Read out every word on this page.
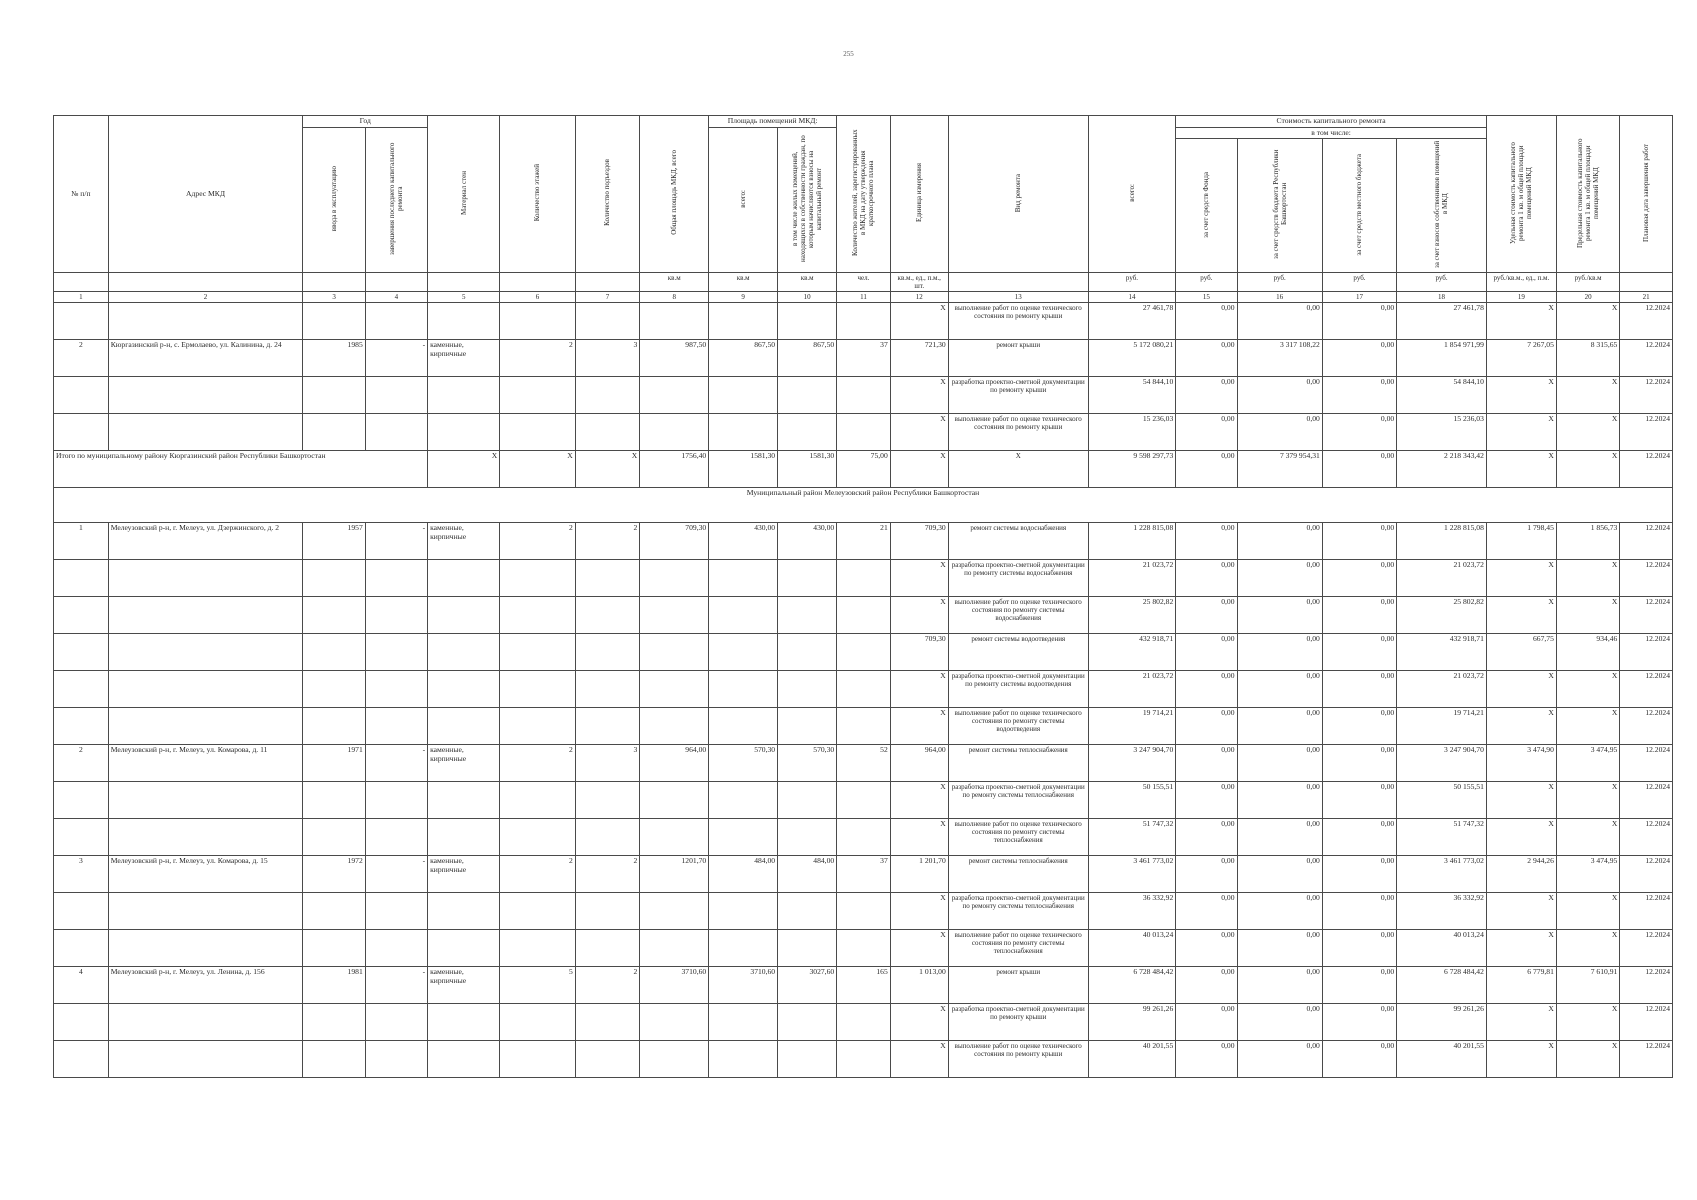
255
№ п/п	Адрес МКД	Год		Материал стен	Количество этажей	Количество подъездов	Общая площадь МКД, всего	Площадь помещений МКД:		Количество жителей, зарегистрированных в МКД на дату утверждения краткосрочного плана	Единица измерения	Вид ремонта	всего:	Стоимость капитального ремонта				Удельная стоимость капитального ремонта 1 кв. м общей площади помещений МКД	Предельная стоимость капитального ремонта 1 кв. м общей площади помещений МКД	Плановая дата завершения работ
		ввода в эксплуатацию	завершения последнего капитального ремонта					всего:	в том числе жилых помещений, находящихся в собственности граждан, по которым начисляются взносы на капитальный ремонт					в том числе:						
														за счет средств Фонда	за счет средств бюджета Республики Башкортостан	за счет средств местного бюджета	за счет взносов собственников помещений в МКД			
							кв.м	кв.м	кв.м	чел.	кв.м., ед., п.м., шт.		руб.	руб.	руб.	руб.	руб.	руб./кв.м., ед., п.м.	руб./кв.м	
1	2	3	4	5	6	7	8	9	10	11	12	13	14	15	16	17	18	19	20	21
											X	выполнение работ по оценке технического состояния по ремонту крыши	27 461,78	0,00	0,00	0,00	27 461,78	X	X	12.2024
2	Кюргазинский р-н, с. Ермолаево, ул. Калинина, д. 24	1985	-	каменные, кирпичные	2	3	987,50	867,50	867,50	37	721,30	ремонт крыши	5 172 080,21	0,00	3 317 108,22	0,00	1 854 971,99	7 267,05	8 315,65	12.2024
											X	разработка проектно-сметной документации по ремонту крыши	54 844,10	0,00	0,00	0,00	54 844,10	X	X	12.2024
											X	выполнение работ по оценке технического состояния по ремонту крыши	15 236,03	0,00	0,00	0,00	15 236,03	X	X	12.2024
Итого по муниципальному району Кюргазинский район Республики Башкортостан				X	X	X	1756,40	1581,30	1581,30	75,00	X	X	9 598 297,73	0,00	7 379 954,31	0,00	2 218 343,42	X	X	12.2024
Муниципальный район Мелеузовский район Республики Башкортостан																				
1	Мелеузовский р-н, г. Мелеуз, ул. Дзержинского, д. 2	1957	-	каменные, кирпичные	2	2	709,30	430,00	430,00	21	709,30	ремонт системы водоснабжения	1 228 815,08	0,00	0,00	0,00	1 228 815,08	1 798,45	1 856,73	12.2024
											X	разработка проектно-сметной документации по ремонту системы водоснабжения	21 023,72	0,00	0,00	0,00	21 023,72	X	X	12.2024
											X	выполнение работ по оценке технического состояния по ремонту системы водоснабжения	25 802,82	0,00	0,00	0,00	25 802,82	X	X	12.2024
											709,30	ремонт системы водоотведения	432 918,71	0,00	0,00	0,00	432 918,71	667,75	934,46	12.2024
											X	разработка проектно-сметной документации по ремонту системы водоотведения	21 023,72	0,00	0,00	0,00	21 023,72	X	X	12.2024
											X	выполнение работ по оценке технического состояния по ремонту системы водоотведения	19 714,21	0,00	0,00	0,00	19 714,21	X	X	12.2024
2	Мелеузовский р-н, г. Мелеуз, ул. Комарова, д. 11	1971	-	каменные, кирпичные	2	3	964,00	570,30	570,30	52	964,00	ремонт системы теплоснабжения	3 247 904,70	0,00	0,00	0,00	3 247 904,70	3 474,90	3 474,95	12.2024
											X	разработка проектно-сметной документации по ремонту системы теплоснабжения	50 155,51	0,00	0,00	0,00	50 155,51	X	X	12.2024
											X	выполнение работ по оценке технического состояния по ремонту системы теплоснабжения	51 747,32	0,00	0,00	0,00	51 747,32	X	X	12.2024
3	Мелеузовский р-н, г. Мелеуз, ул. Комарова, д. 15	1972	-	каменные, кирпичные	2	2	1201,70	484,00	484,00	37	1 201,70	ремонт системы теплоснабжения	3 461 773,02	0,00	0,00	0,00	3 461 773,02	2 944,26	3 474,95	12.2024
											X	разработка проектно-сметной документации по ремонту системы теплоснабжения	36 332,92	0,00	0,00	0,00	36 332,92	X	X	12.2024
											X	выполнение работ по оценке технического состояния по ремонту системы теплоснабжения	40 013,24	0,00	0,00	0,00	40 013,24	X	X	12.2024
4	Мелеузовский р-н, г. Мелеуз, ул. Ленина, д. 156	1981	-	каменные, кирпичные	5	2	3710,60	3710,60	3027,60	165	1 013,00	ремонт крыши	6 728 484,42	0,00	0,00	0,00	6 728 484,42	6 779,81	7 610,91	12.2024
											X	разработка проектно-сметной документации по ремонту крыши	99 261,26	0,00	0,00	0,00	99 261,26	X	X	12.2024
											X	выполнение работ по оценке технического состояния по ремонту крыши	40 201,55	0,00	0,00	0,00	40 201,55	X	X	12.2024
